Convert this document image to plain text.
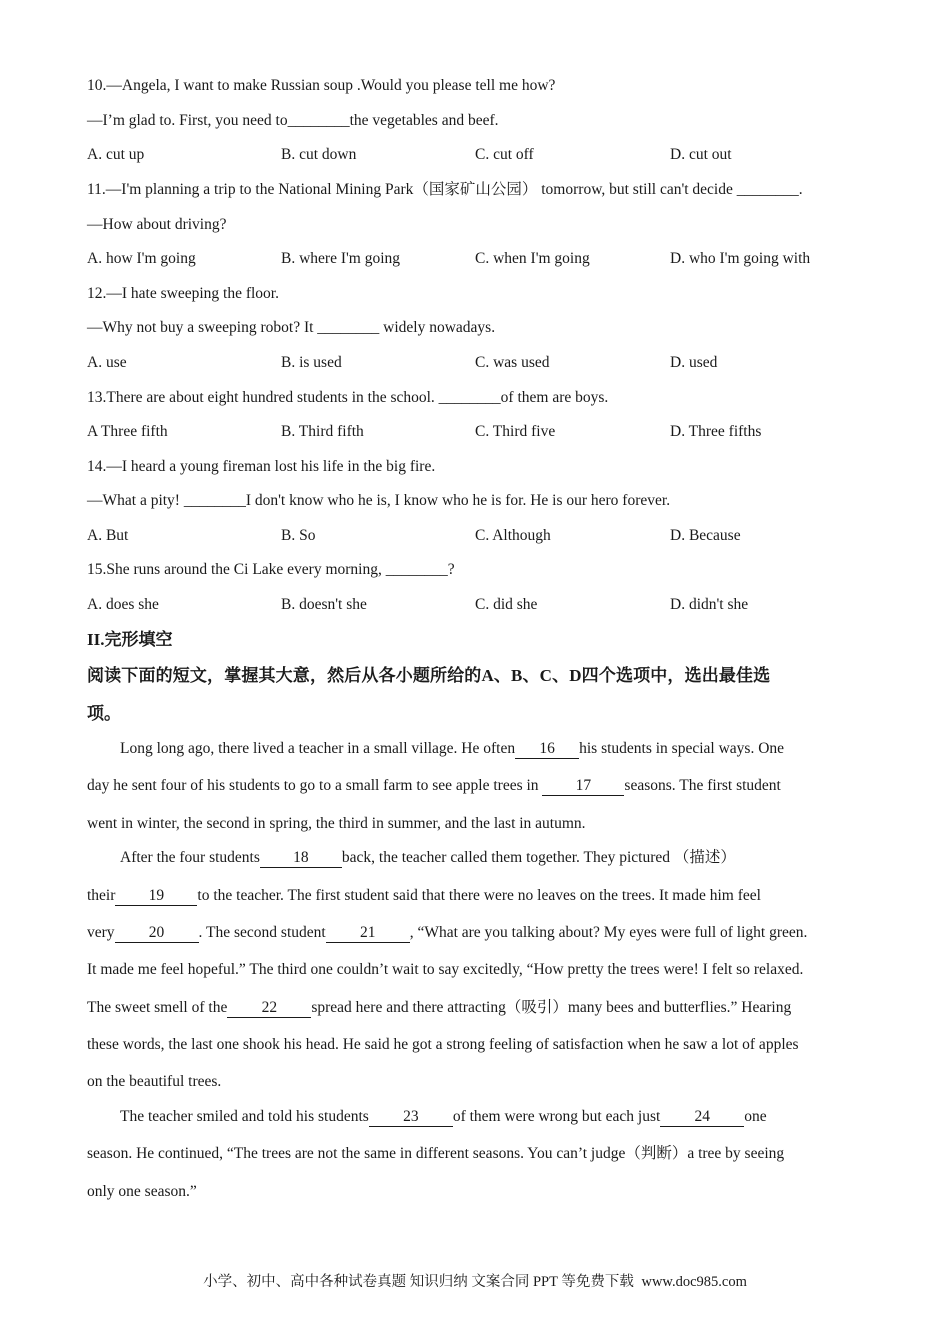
10.—Angela, I want to make Russian soup .Would you please tell me how?
—I’m glad to. First, you need to________the vegetables and beef.
A. cut up	B. cut down	C. cut off	D. cut out
11.—I'm planning a trip to the National Mining Park（国家矿山公园） tomorrow, but still can't decide ________.
—How about driving?
A. how I'm going	B. where I'm going	C. when I'm going	D. who I'm going with
12.—I hate sweeping the floor.
—Why not buy a sweeping robot? It ________ widely nowadays.
A. use	B. is used	C. was used	D. used
13.There are about eight hundred students in the school. ________of them are boys.
A Three fifth	B. Third fifth	C. Third five	D. Three fifths
14.—I heard a young fireman lost his life in the big fire.
—What a pity! ________I don't know who he is, I know who he is for. He is our hero forever.
A. But	B. So	C. Although	D. Because
15.She runs around the Ci Lake every morning, ________?
A. does she	B. doesn't she	C. did she	D. didn't she
II.完形填空
阅读下面的短文，掌握其大意，然后从各小题所给的A、B、C、D四个选项中，选出最佳选
项。
Long long ago, there lived a teacher in a small village. He often 16 his students in special ways. One
day he sent four of his students to go to a small farm to see apple trees in 17 seasons. The first student
went in winter, the second in spring, the third in summer, and the last in autumn.
After the four students 18 back, the teacher called them together. They pictured （描述）
their 19 to the teacher. The first student said that there were no leaves on the trees. It made him feel
very 20 . The second student 21 , “What are you talking about? My eyes were full of light green.
It made me feel hopeful.” The third one couldn’t wait to say excitedly, “How pretty the trees were! I felt so relaxed.
The sweet smell of the 22 spread here and there attracting（吸引）many bees and butterflies.” Hearing
these words, the last one shook his head. He said he got a strong feeling of satisfaction when he saw a lot of apples
on the beautiful trees.
The teacher smiled and told his students 23 of them were wrong but each just 24 one
season. He continued, “The trees are not the same in different seasons. You can’t judge（判断）a tree by seeing
only one season.”
小学、初中、高中各种试卷真题 知识归纳 文案合同 PPT 等免费下载 www.doc985.com
